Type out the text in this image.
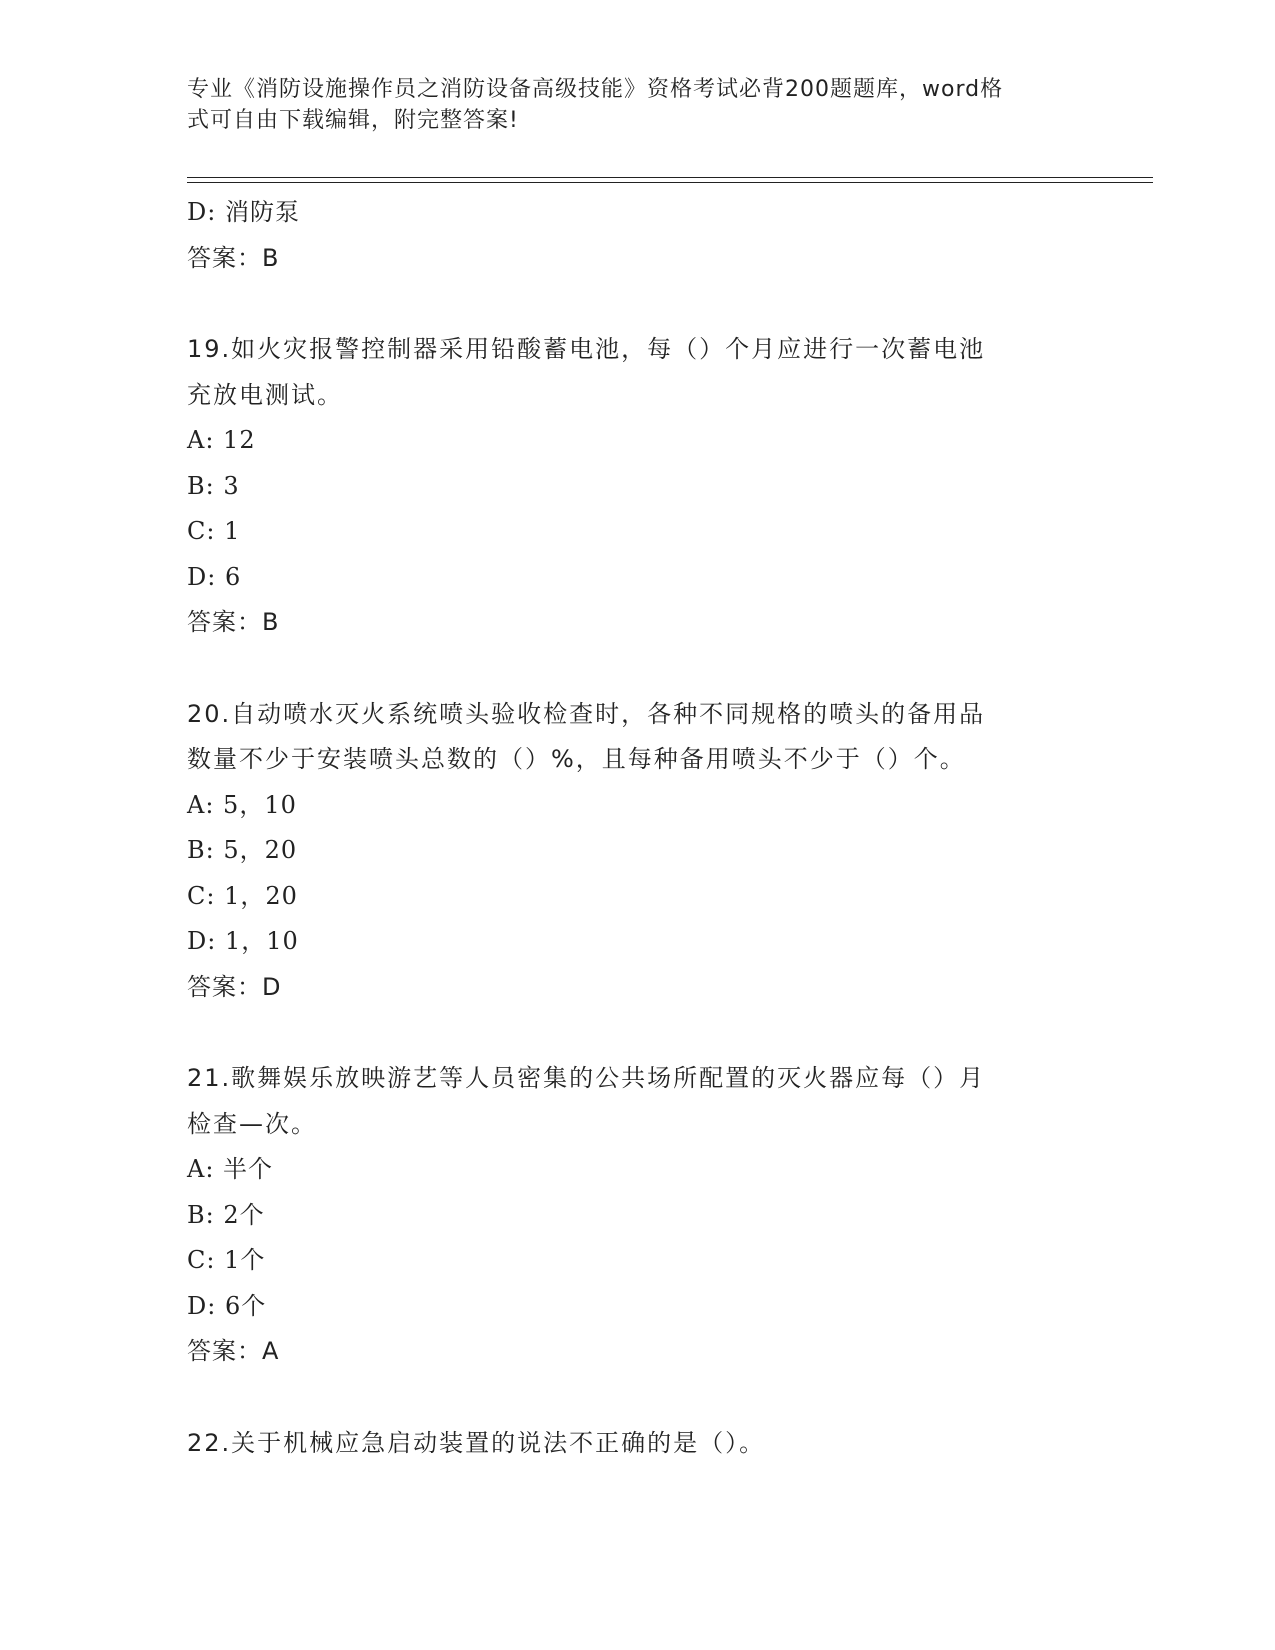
专业《消防设施操作员之消防设备高级技能》资格考试必背200题题库，word格
式可自由下载编辑，附完整答案!
D: 消防泵
答案：B
19.如火灾报警控制器采用铅酸蓄电池，每（）个月应进行一次蓄电池
充放电测试。
A: 12
B: 3
C: 1
D: 6
答案：B
20.自动喷水灭火系统喷头验收检查时，各种不同规格的喷头的备用品
数量不少于安装喷头总数的（）%，且每种备用喷头不少于（）个。
A: 5，10
B: 5，20
C: 1，20
D: 1，10
答案：D
21.歌舞娱乐放映游艺等人员密集的公共场所配置的灭火器应每（）月
检查—次。
A: 半个
B: 2个
C: 1个
D: 6个
答案：A
22.关于机械应急启动装置的说法不正确的是（）。
